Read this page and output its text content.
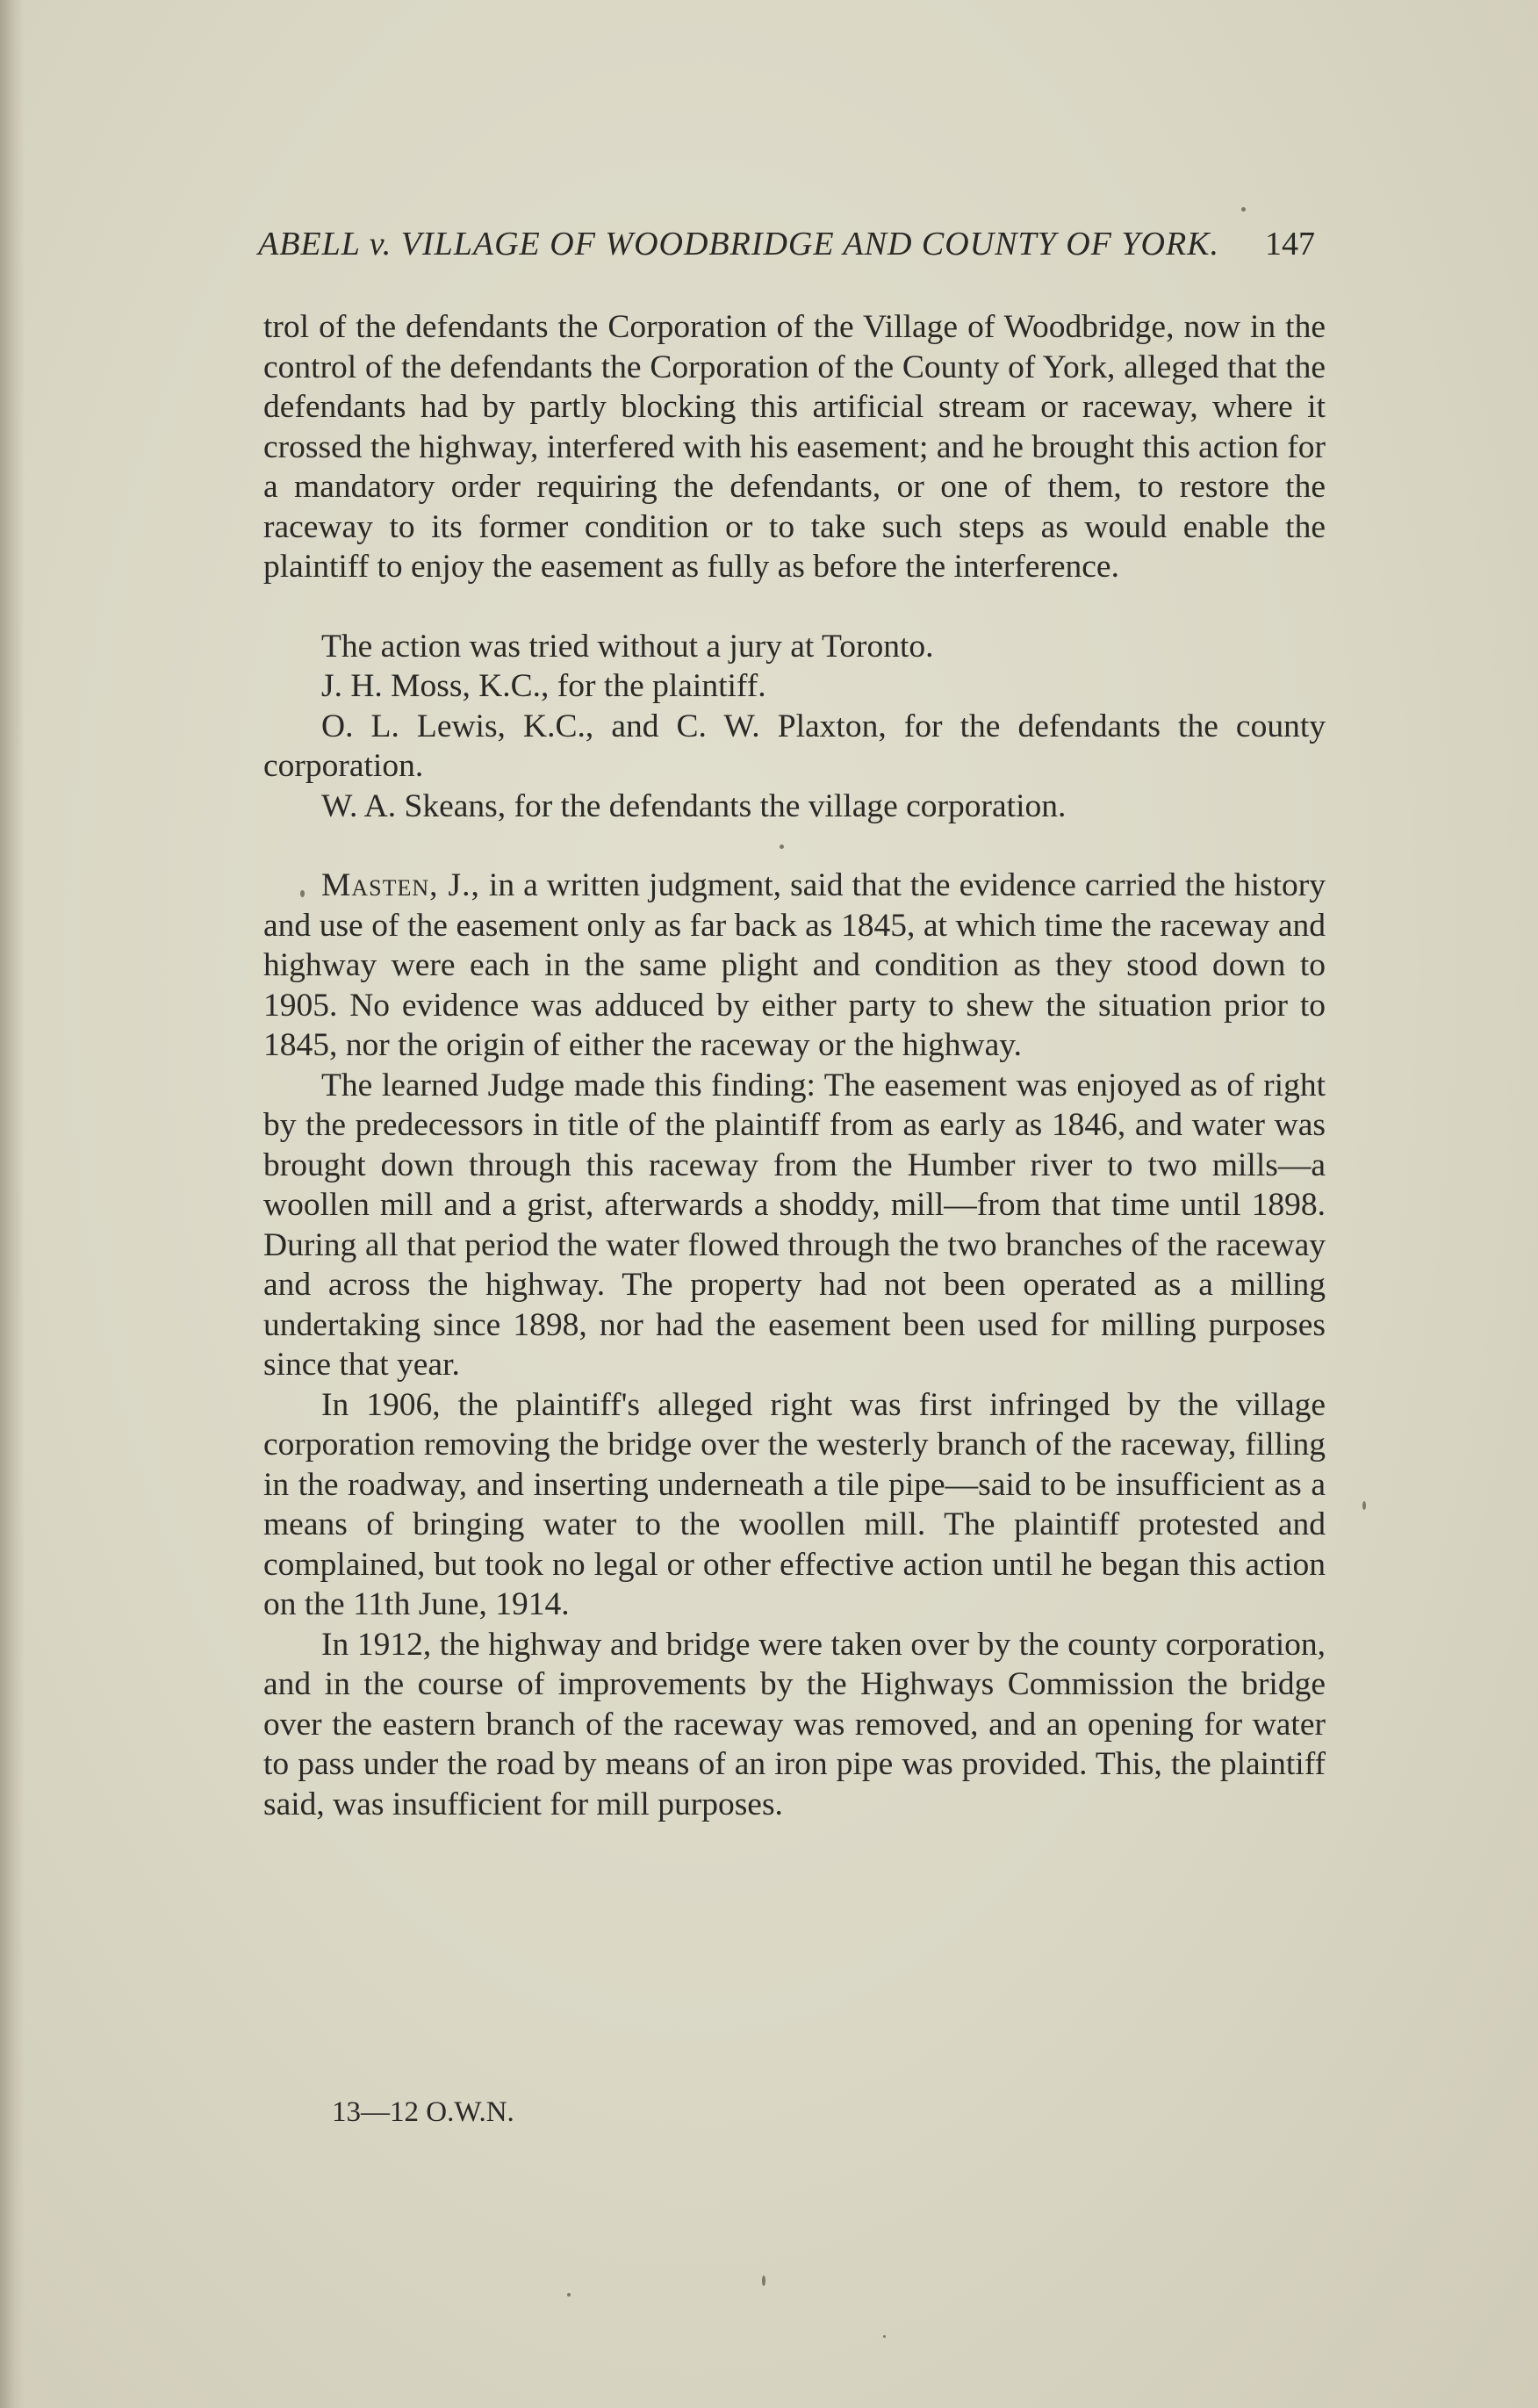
ABELL v. VILLAGE OF WOODBRIDGE AND COUNTY OF YORK. 147

trol of the defendants the Corporation of the Village of Woodbridge, now in the control of the defendants the Corporation of the County of York, alleged that the defendants had by partly blocking this artificial stream or raceway, where it crossed the highway, interfered with his easement; and he brought this action for a mandatory order requiring the defendants, or one of them, to restore the raceway to its former condition or to take such steps as would enable the plaintiff to enjoy the easement as fully as before the interference.

The action was tried without a jury at Toronto.

J. H. Moss, K.C., for the plaintiff.

O. L. Lewis, K.C., and C. W. Plaxton, for the defendants the county corporation.

W. A. Skeans, for the defendants the village corporation.

Masten, J., in a written judgment, said that the evidence carried the history and use of the easement only as far back as 1845, at which time the raceway and highway were each in the same plight and condition as they stood down to 1905. No evidence was adduced by either party to shew the situation prior to 1845, nor the origin of either the raceway or the highway.

The learned Judge made this finding: The easement was enjoyed as of right by the predecessors in title of the plaintiff from as early as 1846, and water was brought down through this raceway from the Humber river to two mills—a woollen mill and a grist, afterwards a shoddy, mill—from that time until 1898. During all that period the water flowed through the two branches of the raceway and across the highway. The property had not been operated as a milling undertaking since 1898, nor had the easement been used for milling purposes since that year.

In 1906, the plaintiff's alleged right was first infringed by the village corporation removing the bridge over the westerly branch of the raceway, filling in the roadway, and inserting underneath a tile pipe—said to be insufficient as a means of bringing water to the woollen mill. The plaintiff protested and complained, but took no legal or other effective action until he began this action on the 11th June, 1914.

In 1912, the highway and bridge were taken over by the county corporation, and in the course of improvements by the Highways Commission the bridge over the eastern branch of the raceway was removed, and an opening for water to pass under the road by means of an iron pipe was provided. This, the plaintiff said, was insufficient for mill purposes.

13—12 O.W.N.
